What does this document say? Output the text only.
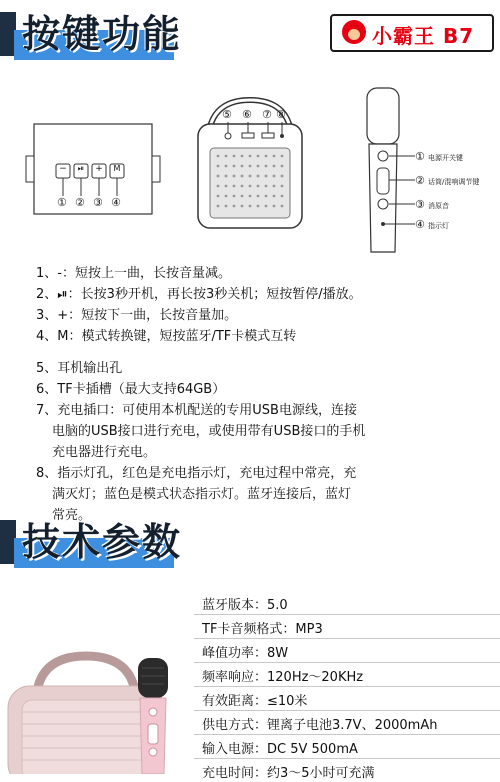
按键功能	小霸王 B7
−	⏯	+	M
① ② ③ ④
⑤ ⑥ ⑦ ⑧
① 电源开关键
② 话筒/混响调节键
③ 消原音
④ 指示灯
1、-：短按上一曲，长按音量减。
2、⏯：长按3秒开机，再长按3秒关机；短按暂停/播放。
3、+：短按下一曲，长按音量加。
4、M：模式转换键，短按蓝牙/TF卡模式互转
5、耳机输出孔
6、TF卡插槽（最大支持64GB）
7、充电插口：可使用本机配送的专用USB电源线，连接
电脑的USB接口进行充电，或使用带有USB接口的手机
充电器进行充电。
8、指示灯孔，红色是充电指示灯，充电过程中常亮，充
满灭灯；蓝色是模式状态指示灯。蓝牙连接后，蓝灯
常亮。
技术参数
蓝牙版本：5.0
TF卡音频格式：MP3
峰值功率：8W
频率响应：120Hz～20KHz
有效距离：≤10米
供电方式：锂离子电池3.7V、2000mAh
输入电源：DC 5V 500mA
充电时间：约3～5小时可充满
